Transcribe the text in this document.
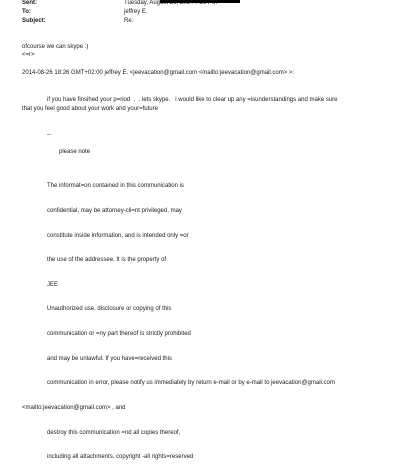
Sent:	Tuesday, August 26, 2014 7:56 PM
To:	jeffrey E.
Subject:	Re:
ofcourse we can skype :)
<=r>
2014-08-26 18:26 GMT+02:00 jeffrey E. <jeevacation@gmail.com <mailto:jeevacation@gmail.com> >:
if you have finsihed your p=riod  ,  . lets skype.   i would like to clear up any =isunderstandings and make sure
that you feel good about your work and your=future
--
please note

The informat=on contained in this communication is

confidential, may be attorney-cli=nt privileged, may

constitute inside information, and is intended only =or

the use of the addressee. It is the property of

JEE

Unauthorized use, disclosure or copying of this

communication or =ny part thereof is strictly prohibited

and may be unlawful. If you have=received this

communication in error, please notify us immediately by return e-mail or by e-mail to jeevacation@gmail.com

<mailto:jeevacation@gmail.com> , and

destroy this communication =nd all copies thereof,

including all attachments. copyright -all rights=reserved
